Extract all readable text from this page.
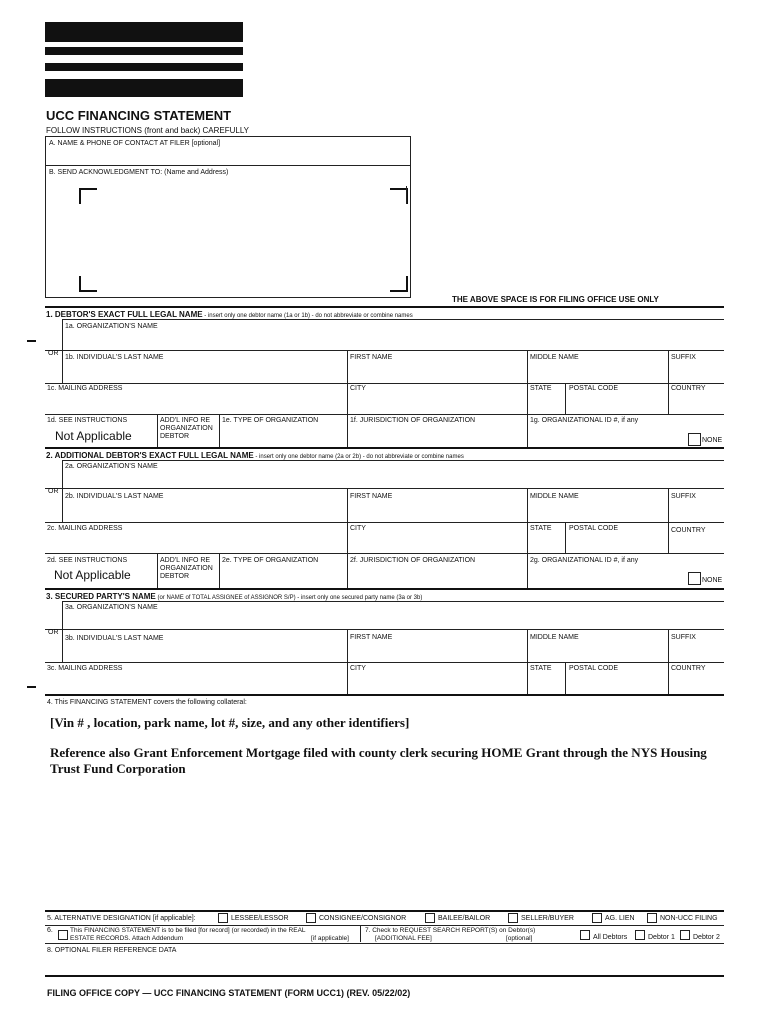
UCC FINANCING STATEMENT
FOLLOW INSTRUCTIONS (front and back) CAREFULLY
A. NAME & PHONE OF CONTACT AT FILER [optional]
B. SEND ACKNOWLEDGMENT TO: (Name and Address)
THE ABOVE SPACE IS FOR FILING OFFICE USE ONLY
1. DEBTOR'S EXACT FULL LEGAL NAME - insert only one debtor name (1a or 1b) - do not abbreviate or combine names
1a. ORGANIZATION'S NAME
OR
1b. INDIVIDUAL'S LAST NAME	FIRST NAME	MIDDLE NAME	SUFFIX
1c. MAILING ADDRESS	CITY	STATE POSTAL CODE	COUNTRY
1d. SEE INSTRUCTIONS
Not Applicable
ADD'L INFO RE ORGANIZATION DEBTOR
1e. TYPE OF ORGANIZATION	1f. JURISDICTION OF ORGANIZATION	1g. ORGANIZATIONAL ID #, if any
NONE
2. ADDITIONAL DEBTOR'S EXACT FULL LEGAL NAME - insert only one debtor name (2a or 2b) - do not abbreviate or combine names
2a. ORGANIZATION'S NAME
OR
2b. INDIVIDUAL'S LAST NAME	FIRST NAME	MIDDLE NAME	SUFFIX
2c. MAILING ADDRESS	CITY	STATE POSTAL CODE	COUNTRY
2d. SEE INSTRUCTIONS
Not Applicable
ADD'L INFO RE ORGANIZATION DEBTOR
2e. TYPE OF ORGANIZATION	2f. JURISDICTION OF ORGANIZATION	2g. ORGANIZATIONAL ID #, if any
NONE
3. SECURED PARTY'S NAME (or NAME of TOTAL ASSIGNEE of ASSIGNOR S/P) - insert only one secured party name (3a or 3b)
3a. ORGANIZATION'S NAME
OR
3b. INDIVIDUAL'S LAST NAME	FIRST NAME	MIDDLE NAME	SUFFIX
3c. MAILING ADDRESS	CITY	STATE POSTAL CODE	COUNTRY
4. This FINANCING STATEMENT covers the following collateral:
[Vin # , location, park name, lot #, size, and any other identifiers]
Reference also Grant Enforcement Mortgage filed with county clerk securing HOME Grant through the NYS Housing Trust Fund Corporation
5. ALTERNATIVE DESIGNATION [if applicable]:	LESSEE/LESSOR	CONSIGNEE/CONSIGNOR	BAILEE/BAILOR	SELLER/BUYER	AG. LIEN	NON-UCC FILING
6.	This FINANCING STATEMENT is to be filed [for record] (or recorded) in the REAL
ESTATE RECORDS. Attach Addendum	[if applicable]
7. Check to REQUEST SEARCH REPORT(S) on Debtor(s)
[ADDITIONAL FEE]	[optional]	All Debtors	Debtor 1	Debtor 2
8. OPTIONAL FILER REFERENCE DATA
FILING OFFICE COPY — UCC FINANCING STATEMENT (FORM UCC1) (REV. 05/22/02)
